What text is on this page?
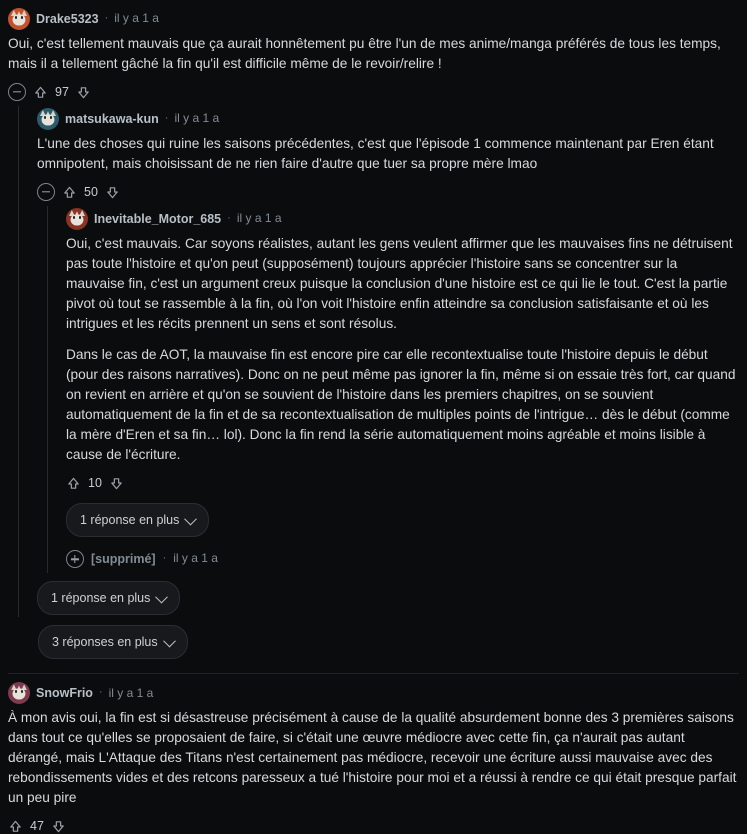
Drake5323 · il y a 1 a

Oui, c'est tellement mauvais que ça aurait honnêtement pu être l'un de mes anime/manga préférés de tous les temps, mais il a tellement gâché la fin qu'il est difficile même de le revoir/relire !

97
matsukawa-kun · il y a 1 a

L'une des choses qui ruine les saisons précédentes, c'est que l'épisode 1 commence maintenant par Eren étant omnipotent, mais choisissant de ne rien faire d'autre que tuer sa propre mère lmao

50
Inevitable_Motor_685 · il y a 1 a

Oui, c'est mauvais. Car soyons réalistes, autant les gens veulent affirmer que les mauvaises fins ne détruisent pas toute l'histoire et qu'on peut (supposément) toujours apprécier l'histoire sans se concentrer sur la mauvaise fin, c'est un argument creux puisque la conclusion d'une histoire est ce qui lie le tout. C'est la partie pivot où tout se rassemble à la fin, où l'on voit l'histoire enfin atteindre sa conclusion satisfaisante et où les intrigues et les récits prennent un sens et sont résolus.

Dans le cas de AOT, la mauvaise fin est encore pire car elle recontextualise toute l'histoire depuis le début (pour des raisons narratives). Donc on ne peut même pas ignorer la fin, même si on essaie très fort, car quand on revient en arrière et qu'on se souvient de l'histoire dans les premiers chapitres, on se souvient automatiquement de la fin et de sa recontextualisation de multiples points de l'intrigue… dès le début (comme la mère d'Eren et sa fin… lol). Donc la fin rend la série automatiquement moins agréable et moins lisible à cause de l'écriture.

10
1 réponse en plus
[supprimé] · il y a 1 a
1 réponse en plus
3 réponses en plus
SnowFrio · il y a 1 a

À mon avis oui, la fin est si désastreuse précisément à cause de la qualité absurdement bonne des 3 premières saisons dans tout ce qu'elles se proposaient de faire, si c'était une œuvre médiocre avec cette fin, ça n'aurait pas autant dérangé, mais L'Attaque des Titans n'est certainement pas médiocre, recevoir une écriture aussi mauvaise avec des rebondissements vides et des retcons paresseux a tué l'histoire pour moi et a réussi à rendre ce qui était presque parfait un peu pire

47
